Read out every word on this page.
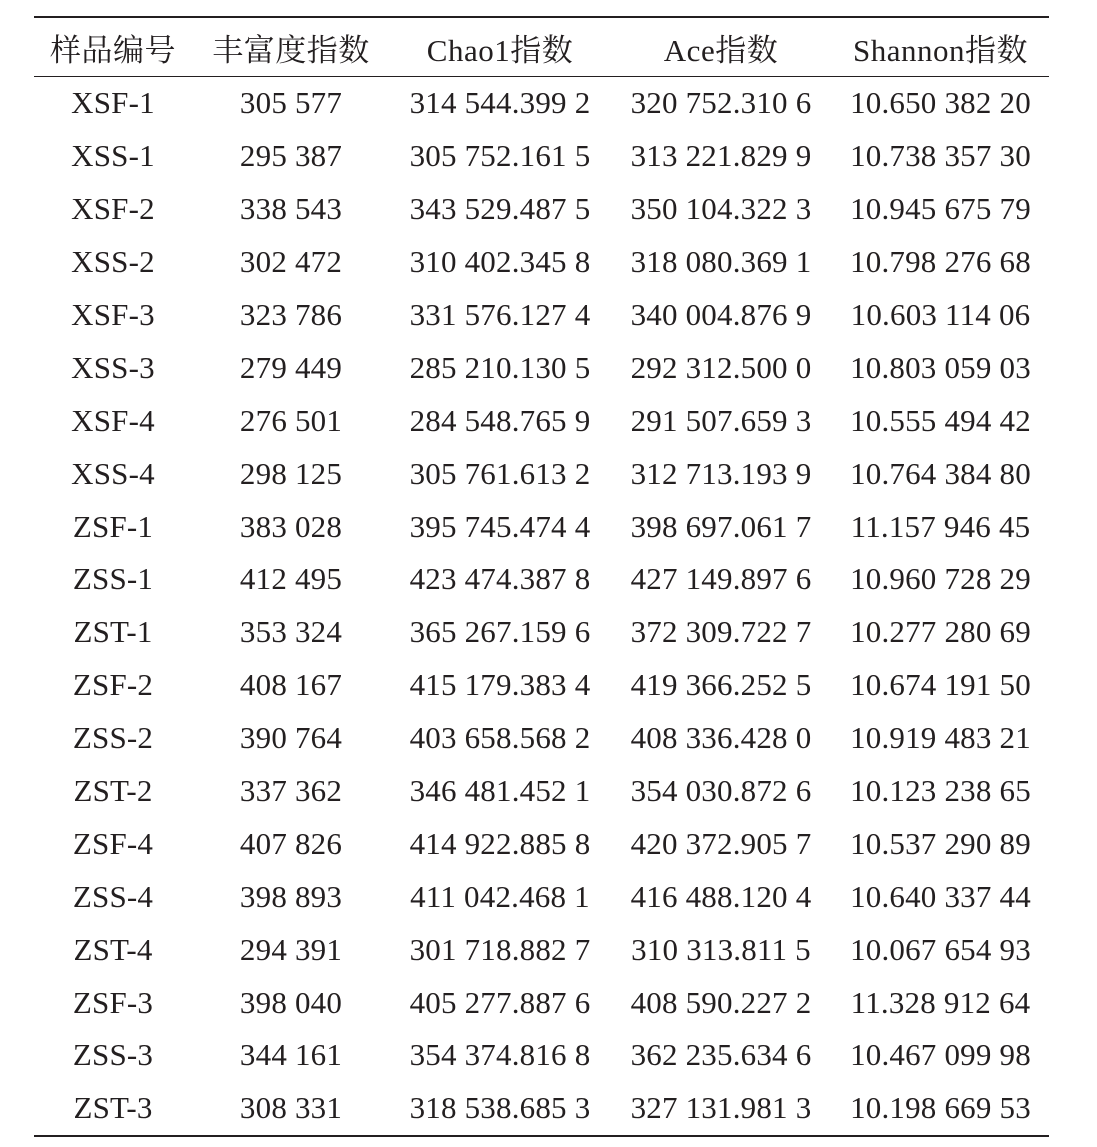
样品编号	丰富度指数	Chao1指数	Ace指数	Shannon指数
XSF-1	305 577	314 544.399 2	320 752.310 6	10.650 382 20
XSS-1	295 387	305 752.161 5	313 221.829 9	10.738 357 30
XSF-2	338 543	343 529.487 5	350 104.322 3	10.945 675 79
XSS-2	302 472	310 402.345 8	318 080.369 1	10.798 276 68
XSF-3	323 786	331 576.127 4	340 004.876 9	10.603 114 06
XSS-3	279 449	285 210.130 5	292 312.500 0	10.803 059 03
XSF-4	276 501	284 548.765 9	291 507.659 3	10.555 494 42
XSS-4	298 125	305 761.613 2	312 713.193 9	10.764 384 80
ZSF-1	383 028	395 745.474 4	398 697.061 7	11.157 946 45
ZSS-1	412 495	423 474.387 8	427 149.897 6	10.960 728 29
ZST-1	353 324	365 267.159 6	372 309.722 7	10.277 280 69
ZSF-2	408 167	415 179.383 4	419 366.252 5	10.674 191 50
ZSS-2	390 764	403 658.568 2	408 336.428 0	10.919 483 21
ZST-2	337 362	346 481.452 1	354 030.872 6	10.123 238 65
ZSF-4	407 826	414 922.885 8	420 372.905 7	10.537 290 89
ZSS-4	398 893	411 042.468 1	416 488.120 4	10.640 337 44
ZST-4	294 391	301 718.882 7	310 313.811 5	10.067 654 93
ZSF-3	398 040	405 277.887 6	408 590.227 2	11.328 912 64
ZSS-3	344 161	354 374.816 8	362 235.634 6	10.467 099 98
ZST-3	308 331	318 538.685 3	327 131.981 3	10.198 669 53
